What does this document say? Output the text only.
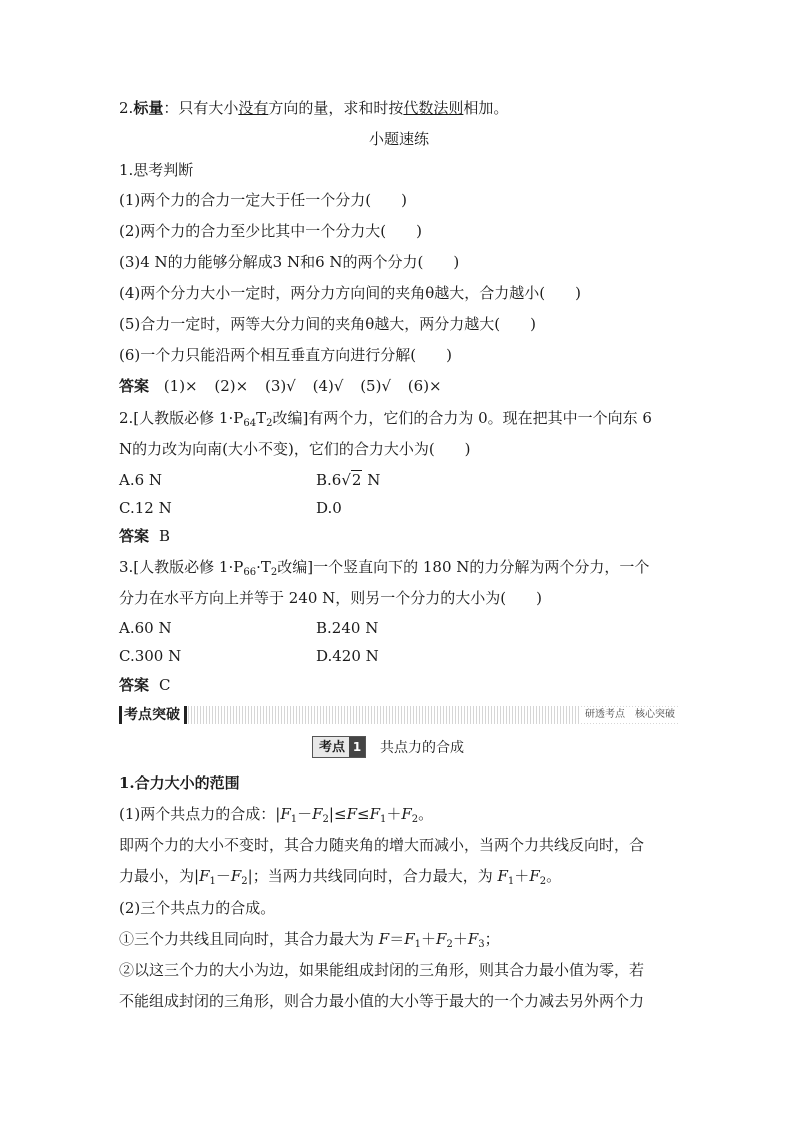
2.标量：只有大小没有方向的量，求和时按代数法则相加。
小题速练
1.思考判断
(1)两个力的合力一定大于任一个分力(　　)
(2)两个力的合力至少比其中一个分力大(　　)
(3)4 N的力能够分解成3 N和6 N的两个分力(　　)
(4)两个分力大小一定时，两分力方向间的夹角θ越大，合力越小(　　)
(5)合力一定时，两等大分力间的夹角θ越大，两分力越大(　　)
(6)一个力只能沿两个相互垂直方向进行分解(　　)
答案 (1)× (2)× (3)√ (4)√ (5)√ (6)×
2.[人教版必修 $1\cdot P_{64}T_2$改编]有两个力，它们的合力为 0。现在把其中一个向东 6
N的力改为向南(大小不变)，它们的合力大小为(　　)
A.6 N	B.6√2 N
C.12 N	D.0
答案 B
3.[人教版必修 $1\cdot P_{66}\cdot T_2$改编]一个竖直向下的 180 N的力分解为两个分力，一个
分力在水平方向上并等于 240 N，则另一个分力的大小为(　　)
A.60 N	B.240 N
C.300 N	D.420 N
答案 C
考点突破	研透考点　核心突破
考点 1 共点力的合成
1.合力大小的范围
(1)两个共点力的合成：$|F_1-F_2|\le F\le F_1+F_2$。
即两个力的大小不变时，其合力随夹角的增大而减小，当两个力共线反向时，合
力最小，为$|F_1-F_2|$；当两力共线同向时，合力最大，为 $F_1+F_2$。
(2)三个共点力的合成。
①三个力共线且同向时，其合力最大为 $F=F_1+F_2+F_3$；
②以这三个力的大小为边，如果能组成封闭的三角形，则其合力最小值为零，若
不能组成封闭的三角形，则合力最小值的大小等于最大的一个力减去另外两个力
